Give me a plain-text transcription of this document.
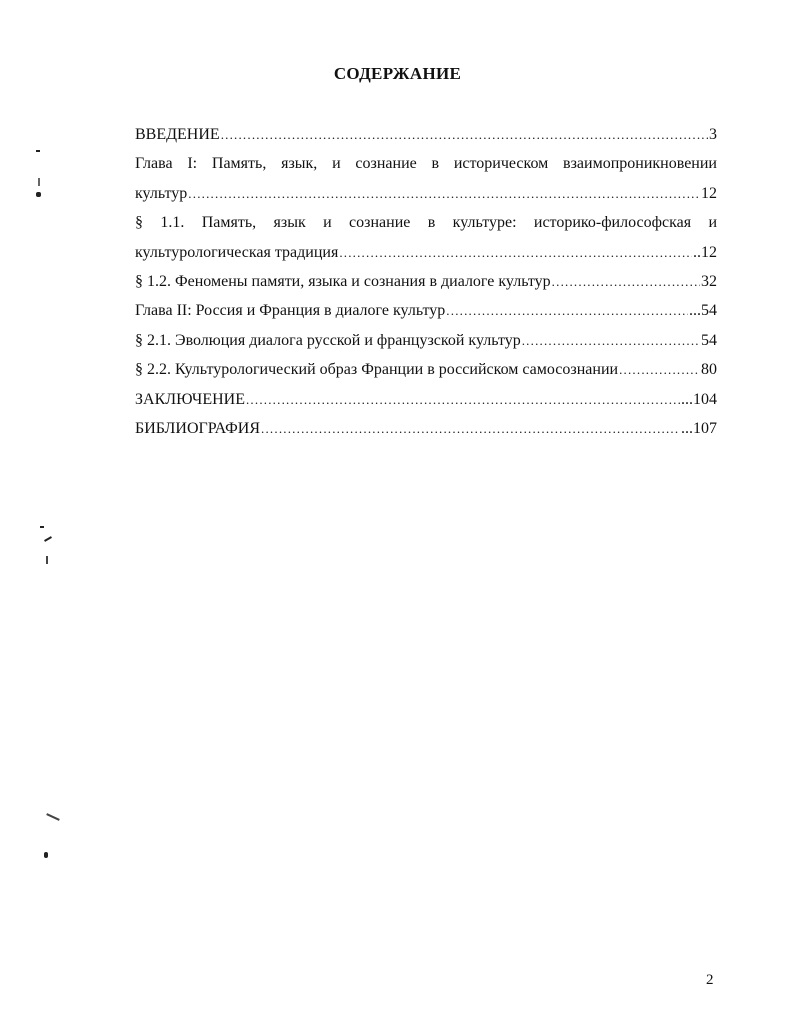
СОДЕРЖАНИЕ
ВВЕДЕНИЕ .....	3
Глава I: Память, язык, и сознание в историческом взаимопроникновении
культур .....	12
§ 1.1. Память, язык и сознание в культуре: историко-философская и
культурологическая традиция .....	..12
§ 1.2. Феномены памяти, языка и сознания в диалоге культур .....	32
Глава II: Россия и Франция в диалоге культур .....	...54
§ 2.1. Эволюция диалога русской и французской культур .....	54
§ 2.2. Культурологический образ Франции в российском самосознании .....	80
ЗАКЛЮЧЕНИЕ .....	...104
БИБЛИОГРАФИЯ .....	...107
2
